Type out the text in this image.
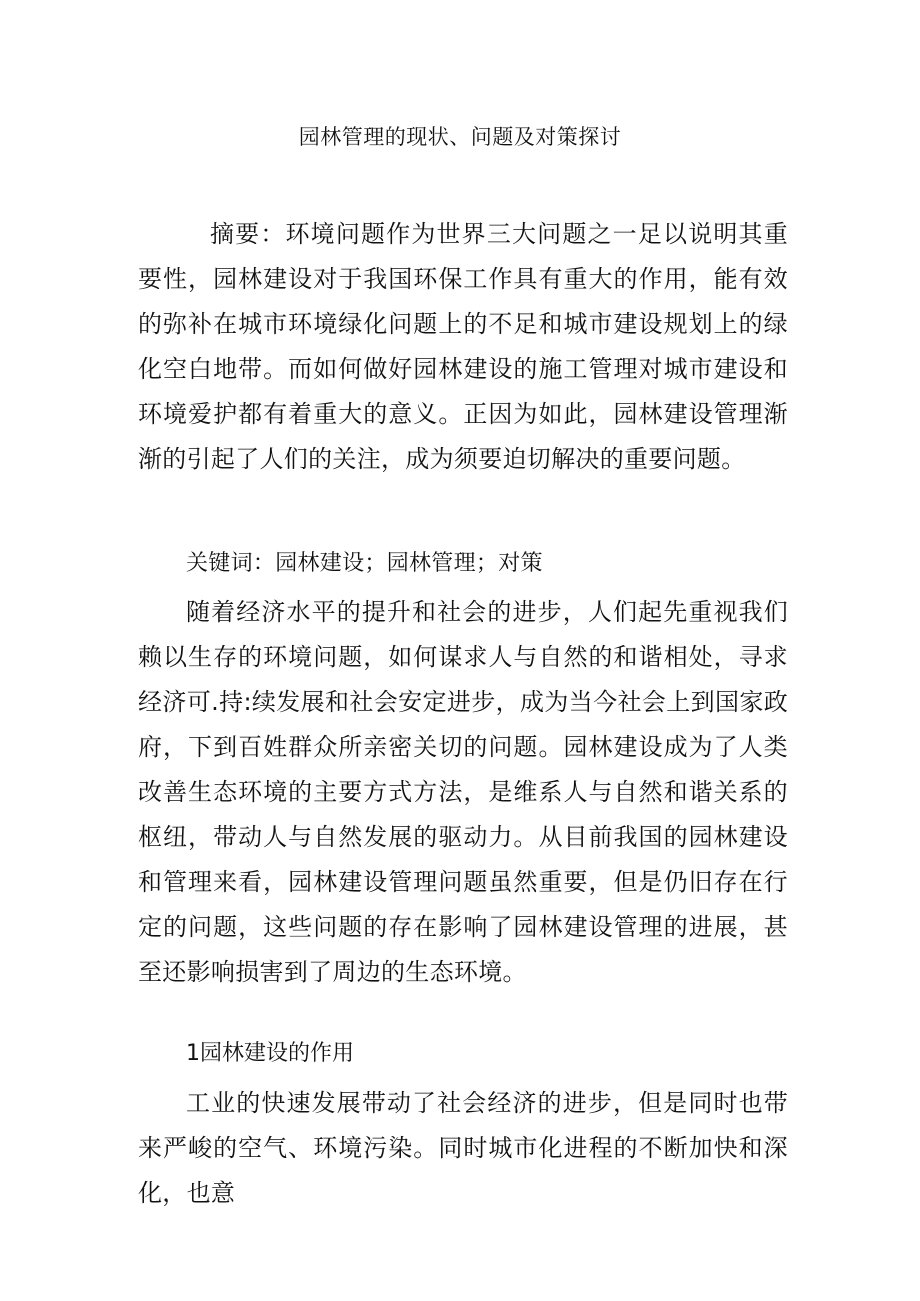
园林管理的现状、问题及对策探讨
摘要：环境问题作为世界三大问题之一足以说明其重要性，园林建设对于我国环保工作具有重大的作用，能有效的弥补在城市环境绿化问题上的不足和城市建设规划上的绿化空白地带。而如何做好园林建设的施工管理对城市建设和环境爱护都有着重大的意义。正因为如此，园林建设管理渐渐的引起了人们的关注，成为须要迫切解决的重要问题。
关键词：园林建设；园林管理；对策
随着经济水平的提升和社会的进步，人们起先重视我们赖以生存的环境问题，如何谋求人与自然的和谐相处，寻求经济可.持:续发展和社会安定进步，成为当今社会上到国家政府，下到百姓群众所亲密关切的问题。园林建设成为了人类改善生态环境的主要方式方法，是维系人与自然和谐关系的枢纽，带动人与自然发展的驱动力。从目前我国的园林建设和管理来看，园林建设管理问题虽然重要，但是仍旧存在行定的问题，这些问题的存在影响了园林建设管理的进展，甚至还影响损害到了周边的生态环境。
1园林建设的作用
工业的快速发展带动了社会经济的进步，但是同时也带来严峻的空气、环境污染。同时城市化进程的不断加快和深化，也意
